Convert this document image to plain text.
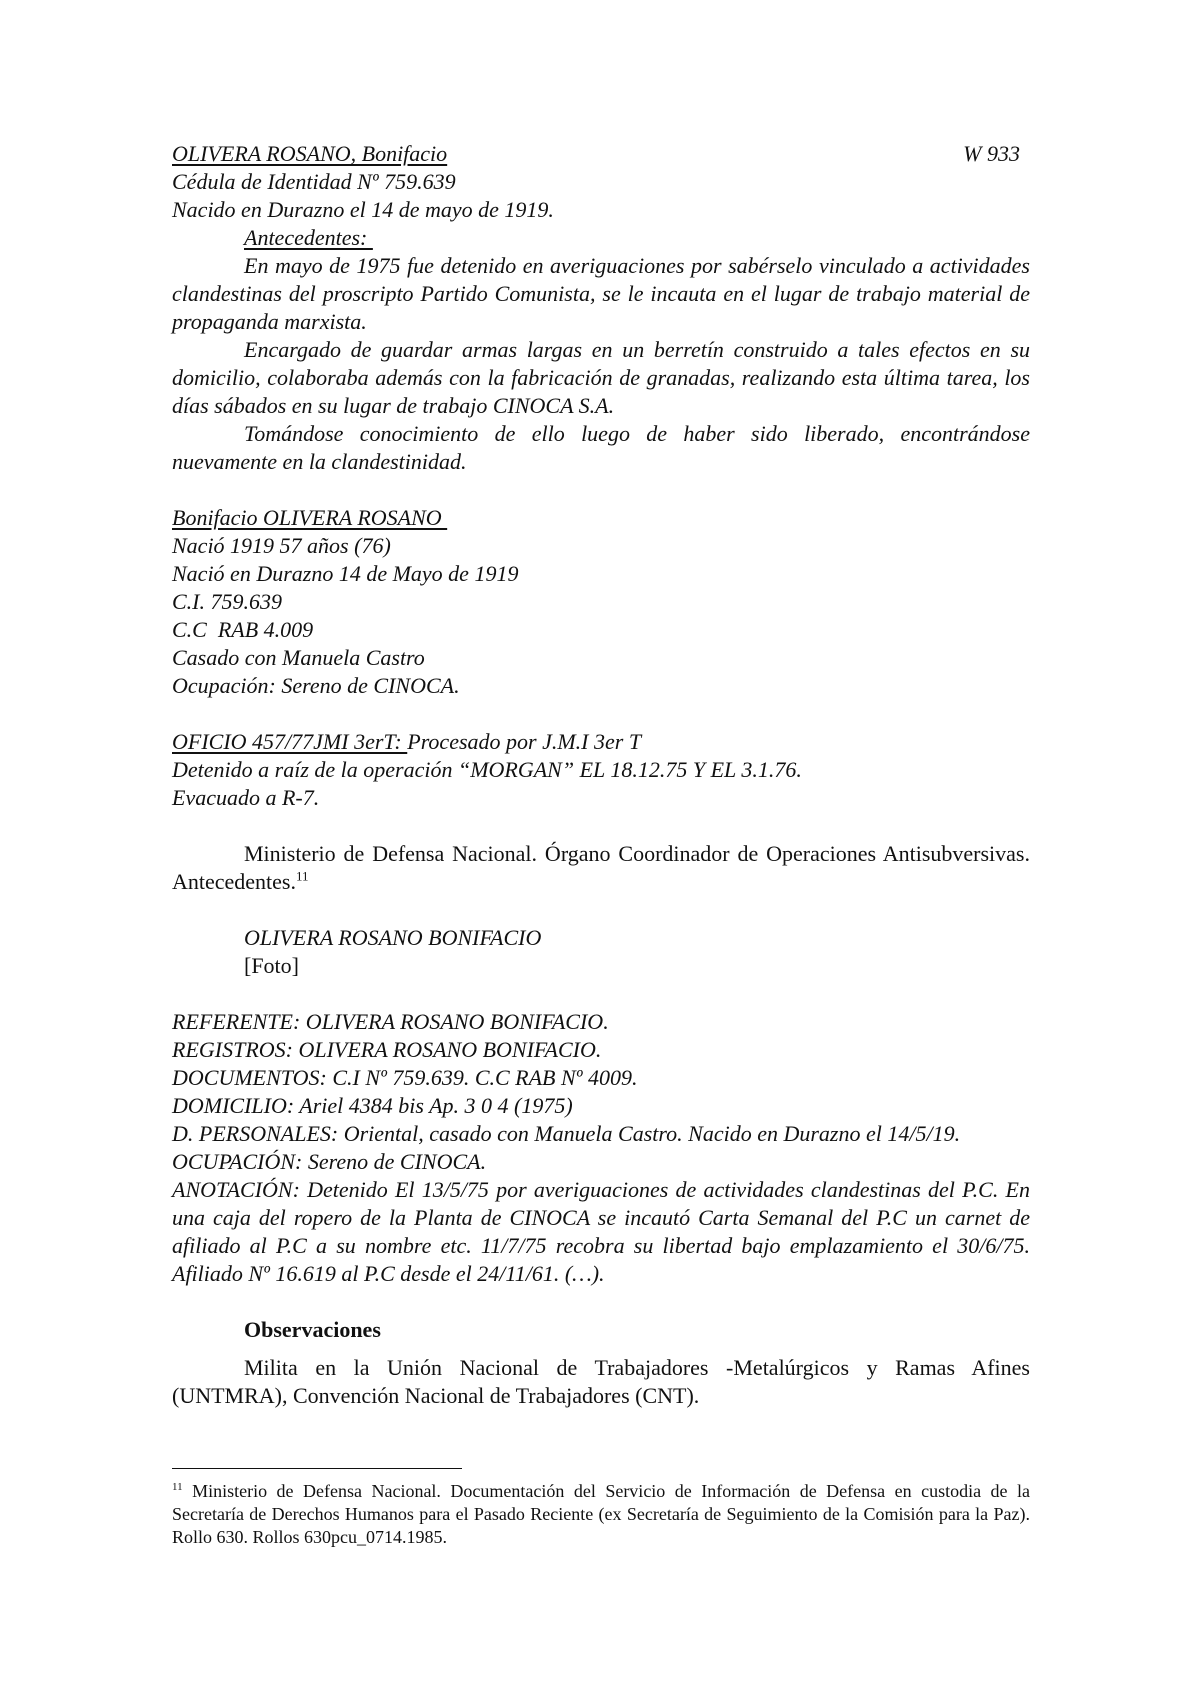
OLIVERA ROSANO, Bonifacio	W 933

Cédula de Identidad Nº 759.639

Nacido en Durazno el 14 de mayo de 1919.

Antecedentes:

En mayo de 1975 fue detenido en averiguaciones por sabérselo vinculado a actividades clandestinas del proscripto Partido Comunista, se le incauta en el lugar de trabajo material de propaganda marxista.

Encargado de guardar armas largas en un berretín construido a tales efectos en su domicilio, colaboraba además con la fabricación de granadas, realizando esta última tarea, los días sábados en su lugar de trabajo CINOCA S.A.

Tomándose conocimiento de ello luego de haber sido liberado, encontrándose nuevamente en la clandestinidad.

Bonifacio OLIVERA ROSANO

Nació 1919 57 años (76)

Nació en Durazno 14 de Mayo de 1919

C.I. 759.639

C.C  RAB 4.009

Casado con Manuela Castro

Ocupación: Sereno de CINOCA.

OFICIO 457/77JMI 3erT: Procesado por J.M.I 3er T

Detenido a raíz de la operación “MORGAN” EL 18.12.75 Y EL 3.1.76.

Evacuado a R-7.

Ministerio de Defensa Nacional. Órgano Coordinador de Operaciones Antisubversivas. Antecedentes.$^{11}$

OLIVERA ROSANO BONIFACIO

[Foto]

REFERENTE: OLIVERA ROSANO BONIFACIO.

REGISTROS: OLIVERA ROSANO BONIFACIO.

DOCUMENTOS: C.I Nº 759.639. C.C RAB Nº 4009.

DOMICILIO: Ariel 4384 bis Ap. 3 0 4 (1975)

D. PERSONALES: Oriental, casado con Manuela Castro. Nacido en Durazno el 14/5/19.

OCUPACIÓN: Sereno de CINOCA.

ANOTACIÓN: Detenido El 13/5/75 por averiguaciones de actividades clandestinas del P.C. En una caja del ropero de la Planta de CINOCA se incautó Carta Semanal del P.C un carnet de afiliado al P.C a su nombre etc. 11/7/75 recobra su libertad bajo emplazamiento el 30/6/75. Afiliado Nº 16.619 al P.C desde el 24/11/61. (…).

Observaciones

Milita en la Unión Nacional de Trabajadores -Metalúrgicos y Ramas Afines (UNTMRA), Convención Nacional de Trabajadores (CNT).

$^{11}$ Ministerio de Defensa Nacional. Documentación del Servicio de Información de Defensa en custodia de la Secretaría de Derechos Humanos para el Pasado Reciente (ex Secretaría de Seguimiento de la Comisión para la Paz). Rollo 630. Rollos 630pcu_0714.1985.
